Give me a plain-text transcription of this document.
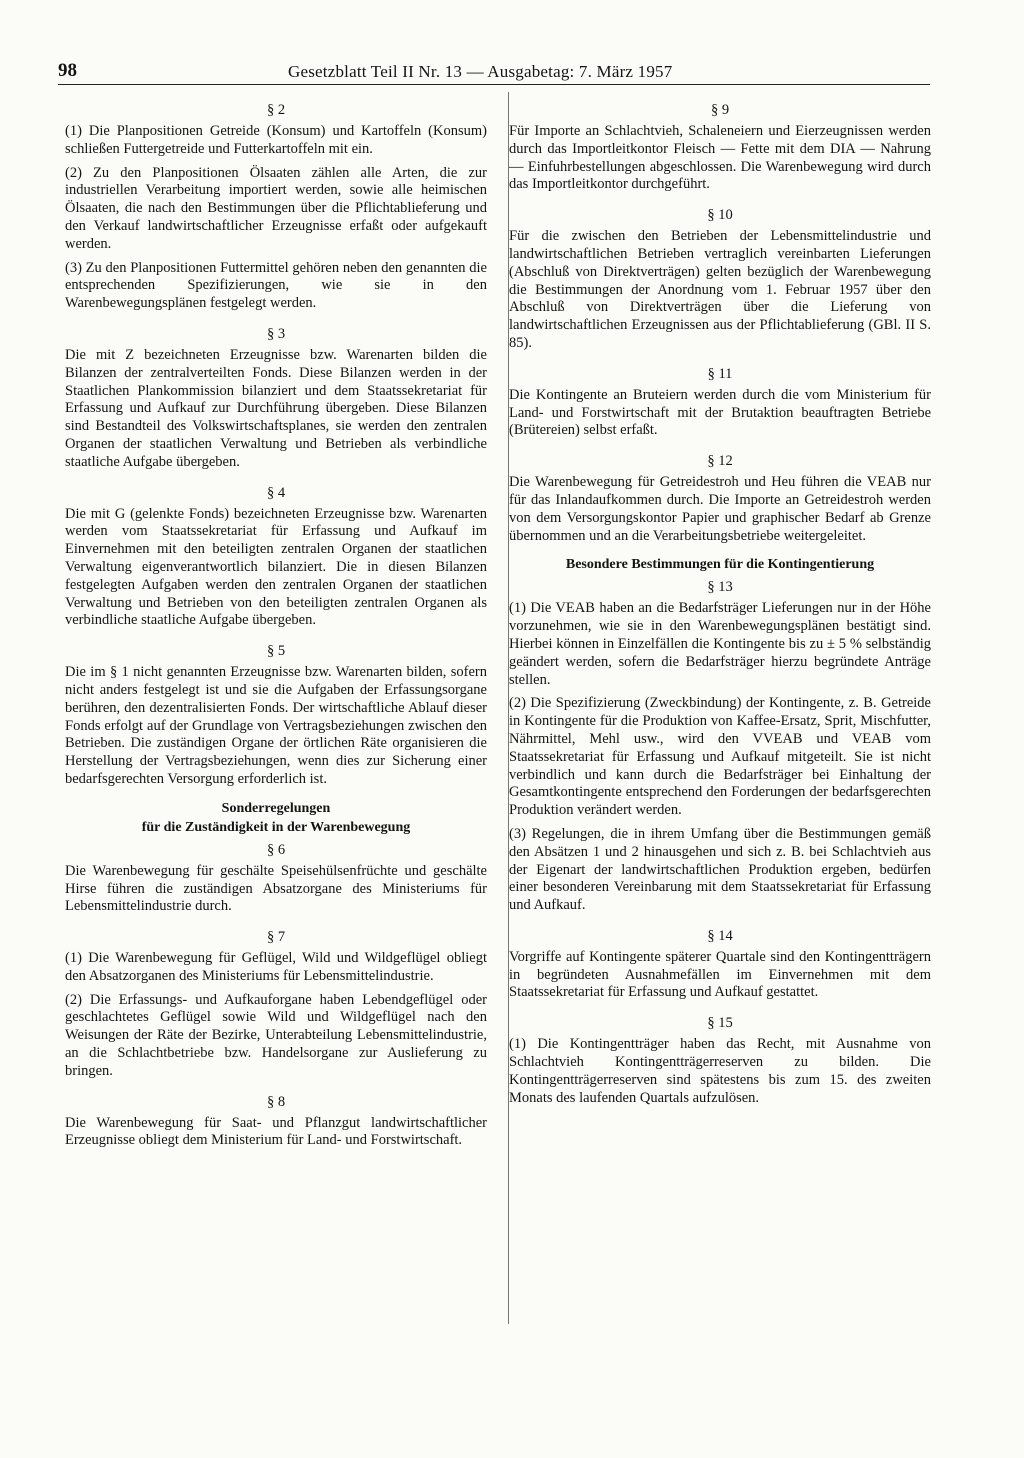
98	Gesetzblatt Teil II Nr. 13 — Ausgabetag: 7. März 1957
§ 2

(1) Die Planpositionen Getreide (Konsum) und Kartoffeln (Konsum) schließen Futtergetreide und Futterkartoffeln mit ein.

(2) Zu den Planpositionen Ölsaaten zählen alle Arten, die zur industriellen Verarbeitung importiert werden, sowie alle heimischen Ölsaaten, die nach den Bestimmungen über die Pflichtablieferung und den Verkauf landwirtschaftlicher Erzeugnisse erfaßt oder aufgekauft werden.

(3) Zu den Planpositionen Futtermittel gehören neben den genannten die entsprechenden Spezifizierungen, wie sie in den Warenbewegungsplänen festgelegt werden.

§ 3

Die mit Z bezeichneten Erzeugnisse bzw. Warenarten bilden die Bilanzen der zentralverteilten Fonds. Diese Bilanzen werden in der Staatlichen Plankommission bilanziert und dem Staatssekretariat für Erfassung und Aufkauf zur Durchführung übergeben. Diese Bilanzen sind Bestandteil des Volkswirtschaftsplanes, sie werden den zentralen Organen der staatlichen Verwaltung und Betrieben als verbindliche staatliche Aufgabe übergeben.

§ 4

Die mit G (gelenkte Fonds) bezeichneten Erzeugnisse bzw. Warenarten werden vom Staatssekretariat für Erfassung und Aufkauf im Einvernehmen mit den beteiligten zentralen Organen der staatlichen Verwaltung eigenverantwortlich bilanziert. Die in diesen Bilanzen festgelegten Aufgaben werden den zentralen Organen der staatlichen Verwaltung und Betrieben von den beteiligten zentralen Organen als verbindliche staatliche Aufgabe übergeben.

§ 5

Die im § 1 nicht genannten Erzeugnisse bzw. Warenarten bilden, sofern nicht anders festgelegt ist und sie die Aufgaben der Erfassungsorgane berühren, den dezentralisierten Fonds. Der wirtschaftliche Ablauf dieser Fonds erfolgt auf der Grundlage von Vertragsbeziehungen zwischen den Betrieben. Die zuständigen Organe der örtlichen Räte organisieren die Herstellung der Vertragsbeziehungen, wenn dies zur Sicherung einer bedarfsgerechten Versorgung erforderlich ist.

Sonderregelungen
für die Zuständigkeit in der Warenbewegung
§ 6

Die Warenbewegung für geschälte Speisehülsenfrüchte und geschälte Hirse führen die zuständigen Absatzorgane des Ministeriums für Lebensmittelindustrie durch.

§ 7

(1) Die Warenbewegung für Geflügel, Wild und Wildgeflügel obliegt den Absatzorganen des Ministeriums für Lebensmittelindustrie.

(2) Die Erfassungs- und Aufkauforgane haben Lebendgeflügel oder geschlachtetes Geflügel sowie Wild und Wildgeflügel nach den Weisungen der Räte der Bezirke, Unterabteilung Lebensmittelindustrie, an die Schlachtbetriebe bzw. Handelsorgane zur Auslieferung zu bringen.

§ 8

Die Warenbewegung für Saat- und Pflanzgut landwirtschaftlicher Erzeugnisse obliegt dem Ministerium für Land- und Forstwirtschaft.

§ 9

Für Importe an Schlachtvieh, Schaleneiern und Eierzeugnissen werden durch das Importleitkontor Fleisch — Fette mit dem DIA — Nahrung — Einfuhrbestellungen abgeschlossen. Die Warenbewegung wird durch das Importleitkontor durchgeführt.

§ 10

Für die zwischen den Betrieben der Lebensmittelindustrie und landwirtschaftlichen Betrieben vertraglich vereinbarten Lieferungen (Abschluß von Direktverträgen) gelten bezüglich der Warenbewegung die Bestimmungen der Anordnung vom 1. Februar 1957 über den Abschluß von Direktverträgen über die Lieferung von landwirtschaftlichen Erzeugnissen aus der Pflichtablieferung (GBl. II S. 85).

§ 11

Die Kontingente an Bruteiern werden durch die vom Ministerium für Land- und Forstwirtschaft mit der Brutaktion beauftragten Betriebe (Brütereien) selbst erfaßt.

§ 12

Die Warenbewegung für Getreidestroh und Heu führen die VEAB nur für das Inlandaufkommen durch. Die Importe an Getreidestroh werden von dem Versorgungskontor Papier und graphischer Bedarf ab Grenze übernommen und an die Verarbeitungsbetriebe weitergeleitet.

Besondere Bestimmungen für die Kontingentierung
§ 13

(1) Die VEAB haben an die Bedarfsträger Lieferungen nur in der Höhe vorzunehmen, wie sie in den Warenbewegungsplänen bestätigt sind. Hierbei können in Einzelfällen die Kontingente bis zu ± 5 % selbständig geändert werden, sofern die Bedarfsträger hierzu begründete Anträge stellen.

(2) Die Spezifizierung (Zweckbindung) der Kontingente, z. B. Getreide in Kontingente für die Produktion von Kaffee-Ersatz, Sprit, Mischfutter, Nährmittel, Mehl usw., wird den VVEAB und VEAB vom Staatssekretariat für Erfassung und Aufkauf mitgeteilt. Sie ist nicht verbindlich und kann durch die Bedarfsträger bei Einhaltung der Gesamtkontingente entsprechend den Forderungen der bedarfsgerechten Produktion verändert werden.

(3) Regelungen, die in ihrem Umfang über die Bestimmungen gemäß den Absätzen 1 und 2 hinausgehen und sich z. B. bei Schlachtvieh aus der Eigenart der landwirtschaftlichen Produktion ergeben, bedürfen einer besonderen Vereinbarung mit dem Staatssekretariat für Erfassung und Aufkauf.

§ 14

Vorgriffe auf Kontingente späterer Quartale sind den Kontingentträgern in begründeten Ausnahmefällen im Einvernehmen mit dem Staatssekretariat für Erfassung und Aufkauf gestattet.

§ 15

(1) Die Kontingentträger haben das Recht, mit Ausnahme von Schlachtvieh Kontingentträgerreserven zu bilden. Die Kontingentträgerreserven sind spätestens bis zum 15. des zweiten Monats des laufenden Quartals aufzulösen.
